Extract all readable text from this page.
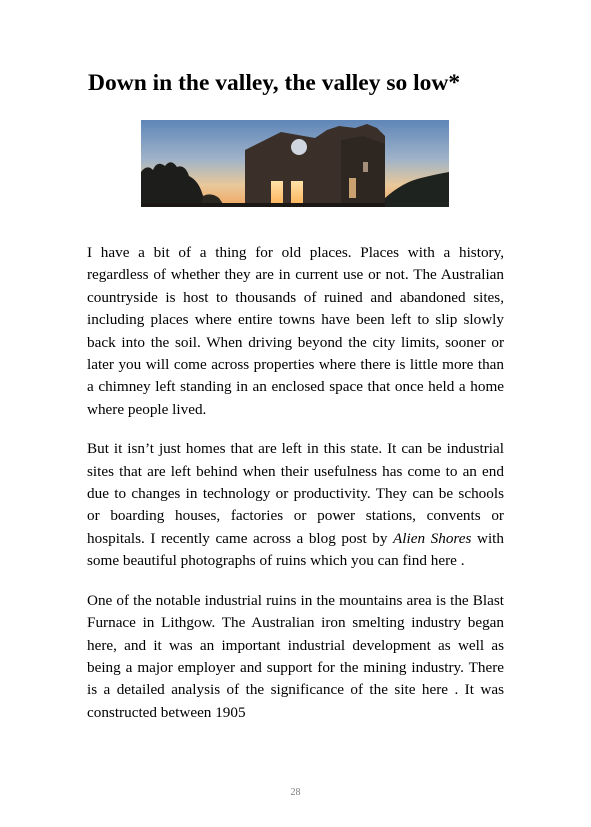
Down in the valley, the valley so low*

I have a bit of a thing for old places. Places with a history, regardless of whether they are in current use or not. The Australian countryside is host to thousands of ruined and abandoned sites, including places where entire towns have been left to slip slowly back into the soil. When driving beyond the city limits, sooner or later you will come across properties where there is little more than a chimney left standing in an enclosed space that once held a home where people lived.

But it isn’t just homes that are left in this state. It can be industrial sites that are left behind when their usefulness has come to an end due to changes in technology or productivity. They can be schools or boarding houses, factories or power stations, convents or hospitals. I recently came across a blog post by Alien Shores with some beautiful photographs of ruins which you can find here .

One of the notable industrial ruins in the mountains area is the Blast Furnace in Lithgow. The Australian iron smelting industry began here, and it was an important industrial development as well as being a major employer and support for the mining industry. There is a detailed analysis of the significance of the site here . It was constructed between 1905

28
